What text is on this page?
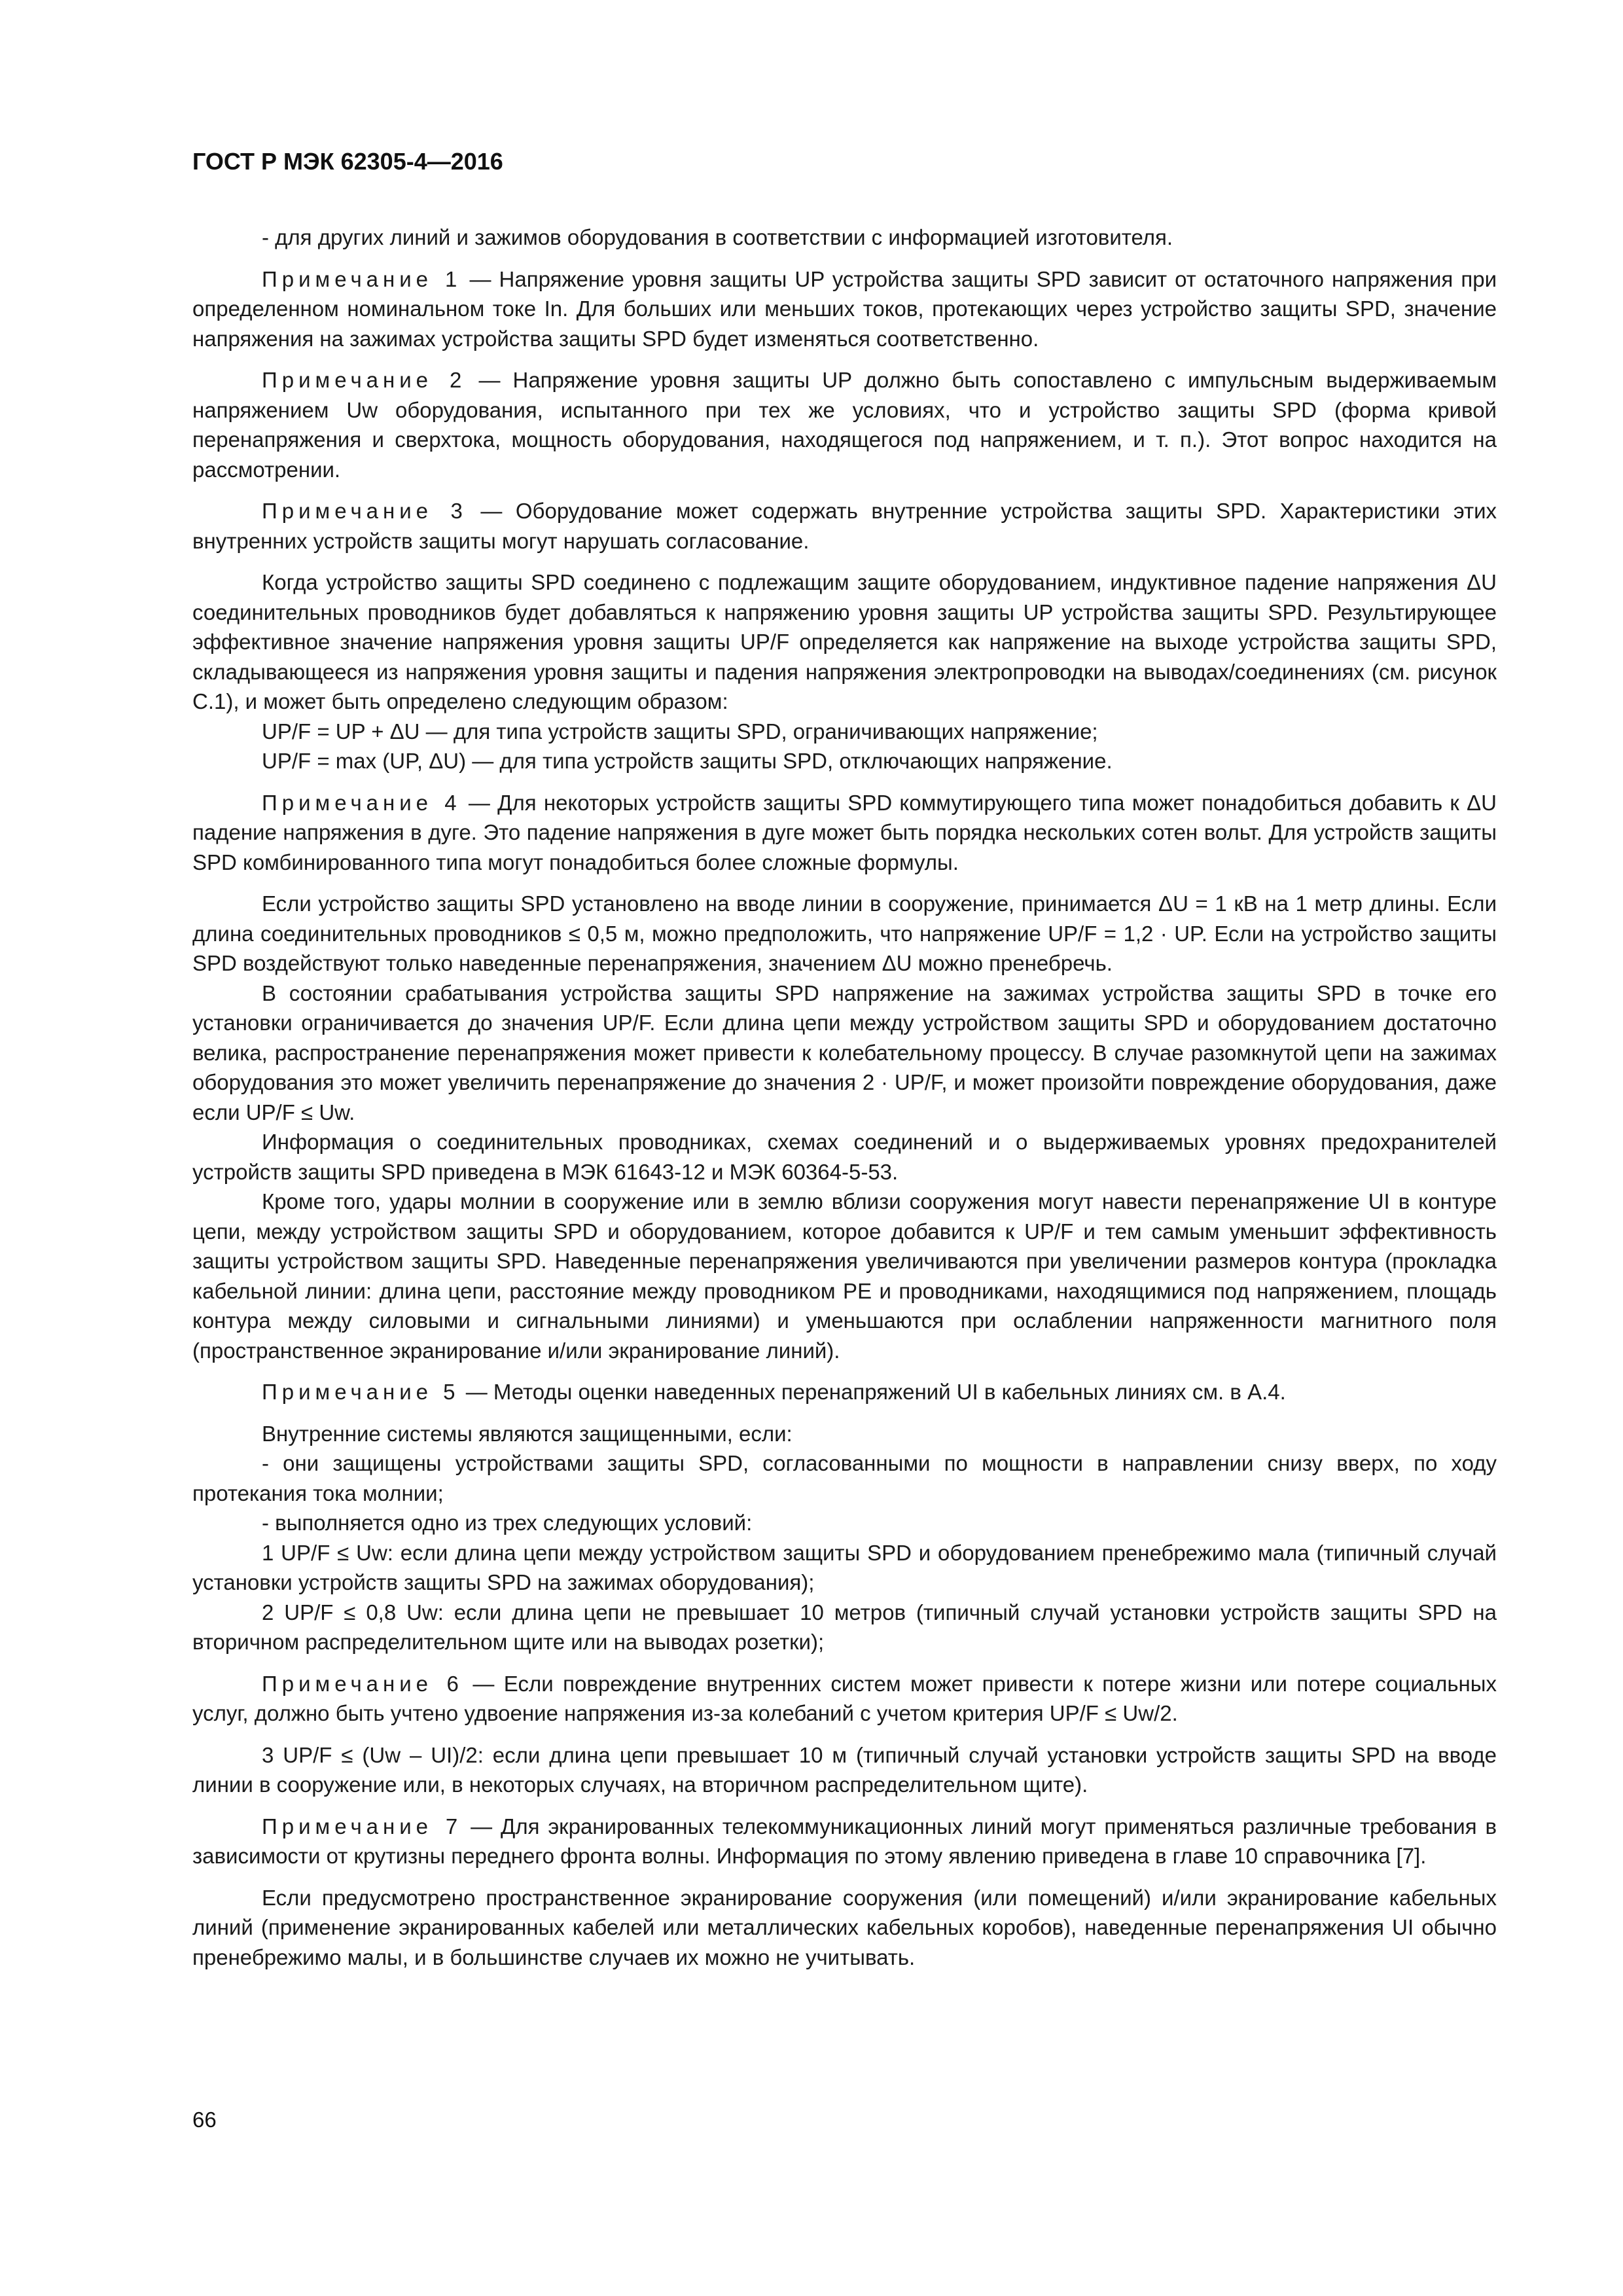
ГОСТ Р МЭК 62305-4—2016

- для других линий и зажимов оборудования в соответствии с информацией изготовителя.

Примечание 1 — Напряжение уровня защиты UP устройства защиты SPD зависит от остаточного напряжения при определенном номинальном токе In. Для больших или меньших токов, протекающих через устройство защиты SPD, значение напряжения на зажимах устройства защиты SPD будет изменяться соответственно.

Примечание 2 — Напряжение уровня защиты UP должно быть сопоставлено с импульсным выдерживаемым напряжением Uw оборудования, испытанного при тех же условиях, что и устройство защиты SPD (форма кривой перенапряжения и сверхтока, мощность оборудования, находящегося под напряжением, и т. п.). Этот вопрос находится на рассмотрении.

Примечание 3 — Оборудование может содержать внутренние устройства защиты SPD. Характеристики этих внутренних устройств защиты могут нарушать согласование.

Когда устройство защиты SPD соединено с подлежащим защите оборудованием, индуктивное падение напряжения ΔU соединительных проводников будет добавляться к напряжению уровня защиты UP устройства защиты SPD. Результирующее эффективное значение напряжения уровня защиты UP/F определяется как напряжение на выходе устройства защиты SPD, складывающееся из напряжения уровня защиты и падения напряжения электропроводки на выводах/соединениях (см. рисунок С.1), и может быть определено следующим образом:

UP/F = UP + ΔU — для типа устройств защиты SPD, ограничивающих напряжение;

UP/F = max (UP, ΔU) — для типа устройств защиты SPD, отключающих напряжение.

Примечание 4 — Для некоторых устройств защиты SPD коммутирующего типа может понадобиться добавить к ΔU падение напряжения в дуге. Это падение напряжения в дуге может быть порядка нескольких сотен вольт. Для устройств защиты SPD комбинированного типа могут понадобиться более сложные формулы.

Если устройство защиты SPD установлено на вводе линии в сооружение, принимается ΔU = 1 кВ на 1 метр длины. Если длина соединительных проводников ≤ 0,5 м, можно предположить, что напряжение UP/F = 1,2 · UP. Если на устройство защиты SPD воздействуют только наведенные перенапряжения, значением ΔU можно пренебречь.

В состоянии срабатывания устройства защиты SPD напряжение на зажимах устройства защиты SPD в точке его установки ограничивается до значения UP/F. Если длина цепи между устройством защиты SPD и оборудованием достаточно велика, распространение перенапряжения может привести к колебательному процессу. В случае разомкнутой цепи на зажимах оборудования это может увеличить перенапряжение до значения 2 · UP/F, и может произойти повреждение оборудования, даже если UP/F ≤ Uw.

Информация о соединительных проводниках, схемах соединений и о выдерживаемых уровнях предохранителей устройств защиты SPD приведена в МЭК 61643-12 и МЭК 60364-5-53.

Кроме того, удары молнии в сооружение или в землю вблизи сооружения могут навести перенапряжение UI в контуре цепи, между устройством защиты SPD и оборудованием, которое добавится к UP/F и тем самым уменьшит эффективность защиты устройством защиты SPD. Наведенные перенапряжения увеличиваются при увеличении размеров контура (прокладка кабельной линии: длина цепи, расстояние между проводником РЕ и проводниками, находящимися под напряжением, площадь контура между силовыми и сигнальными линиями) и уменьшаются при ослаблении напряженности магнитного поля (пространственное экранирование и/или экранирование линий).

Примечание 5 — Методы оценки наведенных перенапряжений UI в кабельных линиях см. в А.4.

Внутренние системы являются защищенными, если:

- они защищены устройствами защиты SPD, согласованными по мощности в направлении снизу вверх, по ходу протекания тока молнии;

- выполняется одно из трех следующих условий:

1 UP/F ≤ Uw: если длина цепи между устройством защиты SPD и оборудованием пренебрежимо мала (типичный случай установки устройств защиты SPD на зажимах оборудования);

2 UP/F ≤ 0,8 Uw: если длина цепи не превышает 10 метров (типичный случай установки устройств защиты SPD на вторичном распределительном щите или на выводах розетки);

Примечание 6 — Если повреждение внутренних систем может привести к потере жизни или потере социальных услуг, должно быть учтено удвоение напряжения из-за колебаний с учетом критерия UP/F ≤ Uw/2.

3 UP/F ≤ (Uw – UI)/2: если длина цепи превышает 10 м (типичный случай установки устройств защиты SPD на вводе линии в сооружение или, в некоторых случаях, на вторичном распределительном щите).

Примечание 7 — Для экранированных телекоммуникационных линий могут применяться различные требования в зависимости от крутизны переднего фронта волны. Информация по этому явлению приведена в главе 10 справочника [7].

Если предусмотрено пространственное экранирование сооружения (или помещений) и/или экранирование кабельных линий (применение экранированных кабелей или металлических кабельных коробов), наведенные перенапряжения UI обычно пренебрежимо малы, и в большинстве случаев их можно не учитывать.

66
